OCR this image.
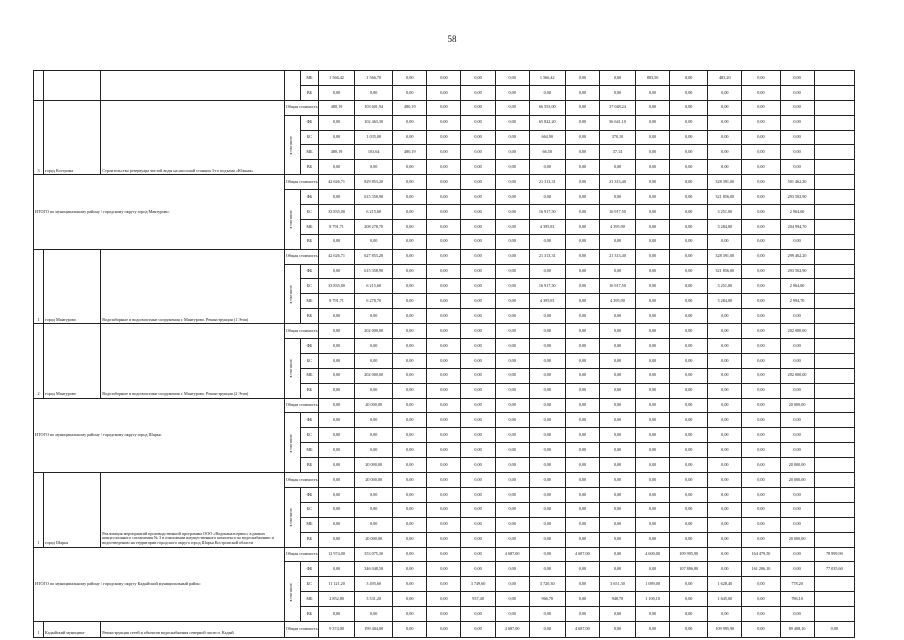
58
				МБ	1 566,42	1 566,70	0,00	0,00	0,00	0,00	1 566,42	0,00	0,00	883,50	0,00	483,20	0,00	0,00	
				ВБ	0,00	0,00	0,00	0,00	0,00	0,00	0,00	0,00	0,00	0,00	0,00	0,00	0,00	0,00	
3	город Кострома	Строительство резервуара чистой воды на насосной станции 3-го подъема «Южная»	Общая стоимость		480,19	103 601,94	480,19	0,00	0,00	0,00	66 553,00	0,00	37 048,24	0,00	0,00	0,00	0,00	0,00	

			в том числе:	ФБ	0,00	102 463,30	0,00	0,00	0,00	0,00	65 822,20	0,00	36 641,10	0,00	0,00	0,00	0,00	0,00	
				БС	0,00	1 035,00	0,00	0,00	0,00	0,00	664,90	0,00	370,10	0,00	0,00	0,00	0,00	0,00	
				МБ	480,19	103,64	480,19	0,00	0,00	0,00	66,50	0,00	37,14	0,00	0,00	0,00	0,00	0,00	
				ВБ	0,00	0,00	0,00	0,00	0,00	0,00	0,00	0,00	0,00	0,00	0,00	0,00	0,00	0,00	
ИТОГО по муниципальному району / городскому округу город Мантурово:			Общая стоимость		42 626,71	829 853,20	0,00	0,00	0,00	0,00	21 313,31	0,00	21 313,40	0,00	0,00	328 391,00	0,00	501 462,20	

			в том числе:	ФБ	0,00	615 358,90	0,00	0,00	0,00	0,00	0,00	0,00	0,00	0,00	0,00	321 856,00	0,00	293 502,90	
				БС	33 835,00	6 215,60	0,00	0,00	0,00	0,00	16 917,50	0,00	16 917,50	0,00	0,00	3 251,00	0,00	2 964,60	
				МБ	8 791,71	208 278,70	0,00	0,00	0,00	0,00	4 395,81	0,00	4 395,90	0,00	0,00	3 284,00	0,00	204 994,70	
				ВБ	0,00	0,00	0,00	0,00	0,00	0,00	0,00	0,00	0,00	0,00	0,00	0,00	0,00	0,00	
1	город Мантурово	Водозаборные и водоочистные сооружения г. Мантурово. Реконструкция (1 Этап)	Общая стоимость		42 626,71	627 853,20	0,00	0,00	0,00	0,00	21 313,31	0,00	21 313,40	0,00	0,00	328 391,00	0,00	299 462,20	

			в том числе:	ФБ	0,00	615 358,90	0,00	0,00	0,00	0,00	0,00	0,00	0,00	0,00	0,00	321 856,00	0,00	293 502,90	
				БС	33 835,00	6 215,60	0,00	0,00	0,00	0,00	16 917,50	0,00	16 917,50	0,00	0,00	3 251,00	0,00	2 964,60	
				МБ	8 791,71	6 278,70	0,00	0,00	0,00	0,00	4 395,81	0,00	4 395,90	0,00	0,00	3 284,00	0,00	2 994,70	
				ВБ	0,00	0,00	0,00	0,00	0,00	0,00	0,00	0,00	0,00	0,00	0,00	0,00	0,00	0,00	
2	город Мантурово	Водозаборные и водоочистные сооружения г. Мантурово. Реконструкция (2 Этап)	Общая стоимость		0,00	202 000,00	0,00	0,00	0,00	0,00	0,00	0,00	0,00	0,00	0,00	0,00	0,00	202 000,00	

			в том числе:	ФБ	0,00	0,00	0,00	0,00	0,00	0,00	0,00	0,00	0,00	0,00	0,00	0,00	0,00	0,00	
				БС	0,00	0,00	0,00	0,00	0,00	0,00	0,00	0,00	0,00	0,00	0,00	0,00	0,00	0,00	
				МБ	0,00	202 000,00	0,00	0,00	0,00	0,00	0,00	0,00	0,00	0,00	0,00	0,00	0,00	202 000,00	
				ВБ	0,00	0,00	0,00	0,00	0,00	0,00	0,00	0,00	0,00	0,00	0,00	0,00	0,00	0,00	
ИТОГО по муниципальному району / городскому округу город Шарья:			Общая стоимость		0,00	20 000,00	0,00	0,00	0,00	0,00	0,00	0,00	0,00	0,00	0,00	0,00	0,00	20 000,00	

			в том числе:	ФБ	0,00	0,00	0,00	0,00	0,00	0,00	0,00	0,00	0,00	0,00	0,00	0,00	0,00	0,00	
				БС	0,00	0,00	0,00	0,00	0,00	0,00	0,00	0,00	0,00	0,00	0,00	0,00	0,00	0,00	
				МБ	0,00	0,00	0,00	0,00	0,00	0,00	0,00	0,00	0,00	0,00	0,00	0,00	0,00	0,00	
				ВБ	0,00	20 000,00	0,00	0,00	0,00	0,00	0,00	0,00	0,00	0,00	0,00	0,00	0,00	20 000,00	
1	город Шарья	Реализация мероприятий производственной программы ООО «Водоканалсервис» в рамках концессионного соглашения № 3 в отношении имущественного комплекса по водоснабжению и водоотведению на территории городского округа город Шарья Костромской области	Общая стоимость		0,00	20 000,00	0,00	0,00	0,00	0,00	0,00	0,00	0,00	0,00	0,00	0,00	0,00	20 000,00	

			в том числе:	ФБ	0,00	0,00	0,00	0,00	0,00	0,00	0,00	0,00	0,00	0,00	0,00	0,00	0,00	0,00	
				БС	0,00	0,00	0,00	0,00	0,00	0,00	0,00	0,00	0,00	0,00	0,00	0,00	0,00	0,00	
				МБ	0,00	0,00	0,00	0,00	0,00	0,00	0,00	0,00	0,00	0,00	0,00	0,00	0,00	0,00	
				ВБ	0,00	20 000,00	0,00	0,00	0,00	0,00	0,00	0,00	0,00	0,00	0,00	0,00	0,00	20 000,00	
ИТОГО по муниципальному району / городскому округу Кадыйский муниципальный район:			Общая стоимость		12 974,00	353 075,30	0,00	0,00	0,00	4 687,00	0,00	4 687,00	0,00	4 600,00	109 995,90	0,00	164 479,50	0,00	78 999,90

			в том числе:	ФБ	0,00	346 048,50	0,00	0,00	0,00	0,00	0,00	0,00	0,00	0,00	107 806,80	0,00	161 206,10	0,00	77 035,60
				БС	11 121,20	3 495,60	0,00	0,00	3 749,60	0,00	3 720,30	0,00	3 651,30	1 089,00	0,00	1 628,40	0,00	778,20	
				МБ	2 852,80	3 531,20	0,00	0,00	937,40	0,00	966,70	0,00	948,70	1 100,10	0,00	1 645,00	0,00	786,10	
				ВБ	0,00	0,00	0,00	0,00	0,00	0,00	0,00	0,00	0,00	0,00	0,00	0,00	0,00	0,00	
1	Кадыйский муниципа-	Реконструкция сетей и объектов водоснабжения северной части п. Кадый	Общая стоимость		9 374,00	199 404,00	0,00	0,00	0,00	4 687,00	0,00	4 687,00	0,00	0,00	0,00	109 995,90	0,00	89 408,10	0,00
